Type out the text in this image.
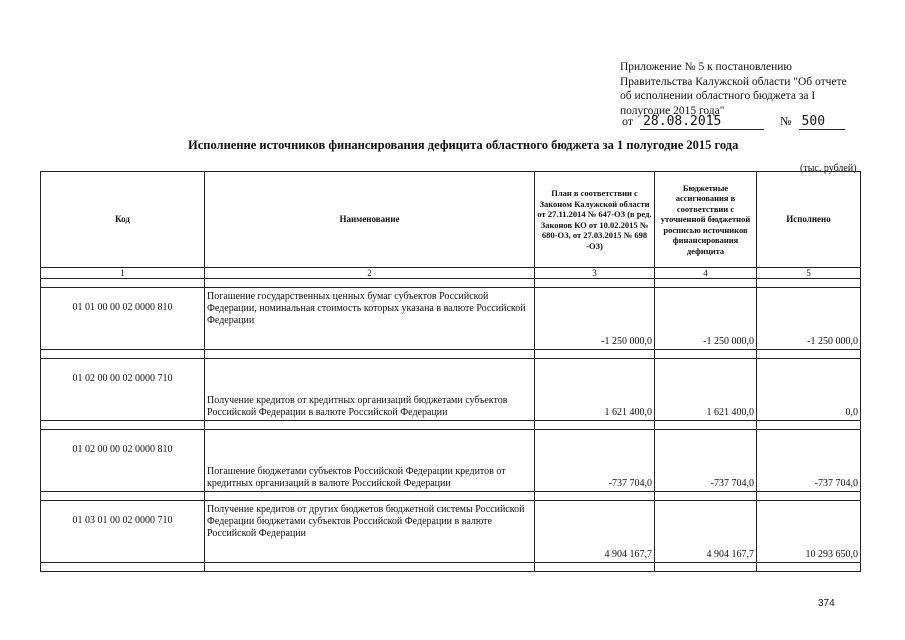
Приложение № 5 к постановлению
Правительства Калужской области "Об отчете
об исполнении областного бюджета за I
полугодие 2015 года"
от 28.08.2015	№ 500
Исполнение источников финансирования дефицита областного бюджета за 1 полугодие 2015 года
(тыс. рублей)
Код	Наименование	План в соответствии с Законом Калужской области от 27.11.2014 № 647-ОЗ (в ред. Законов КО от 10.02.2015 № 680-ОЗ, от 27.03.2015 № 698 -ОЗ)	Бюджетные ассигнования в соответствии с уточненной бюджетной росписью источников финансирования дефицита	Исполнено
1	2	3	4	5

01 01 00 00 02 0000 810	Погашение государственных ценных бумаг субъектов Российской Федерации, номинальная стоимость которых указана в валюте Российской Федерации	-1 250 000,0	-1 250 000,0	-1 250 000,0

01 02 00 00 02 0000 710	Получение кредитов от кредитных организаций бюджетами субъектов Российской Федерации в валюте Российской Федерации	1 621 400,0	1 621 400,0	0,0

01 02 00 00 02 0000 810	Погашение бюджетами субъектов Российской Федерации кредитов от кредитных организаций в валюте Российской Федерации	-737 704,0	-737 704,0	-737 704,0

01 03 01 00 02 0000 710	Получение кредитов от других бюджетов бюджетной системы Российской Федерации бюджетами субъектов Российской Федерации в валюте Российской Федерации	4 904 167,7	4 904 167,7	10 293 650,0

374
